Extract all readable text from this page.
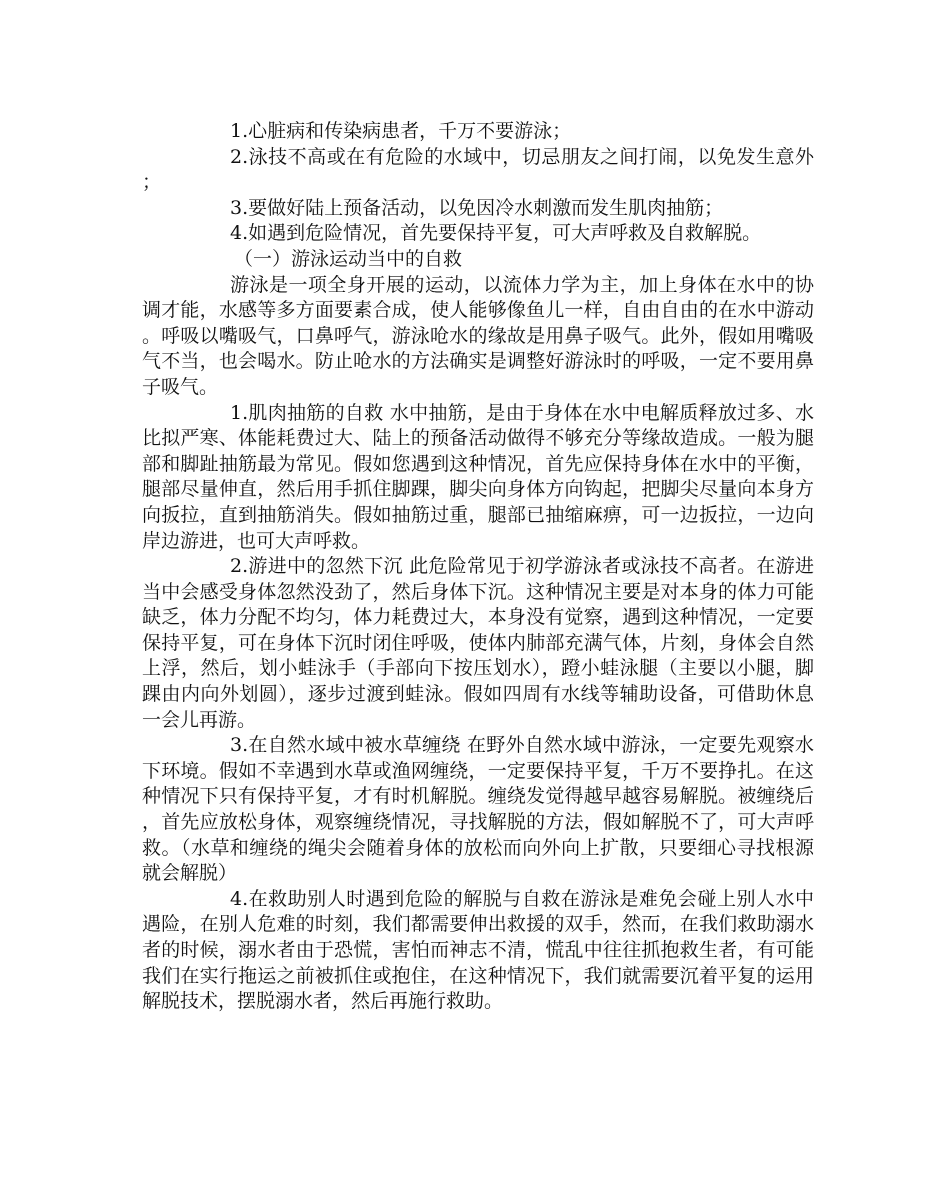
1.心脏病和传染病患者，千万不要游泳；

2.泳技不高或在有危险的水域中，切忌朋友之间打闹，以免发生意外；

3.要做好陆上预备活动，以免因冷水刺激而发生肌肉抽筋；

4.如遇到危险情况，首先要保持平复，可大声呼救及自救解脱。

（一）游泳运动当中的自救

游泳是一项全身开展的运动，以流体力学为主，加上身体在水中的协调才能，水感等多方面要素合成，使人能够像鱼儿一样，自由自由的在水中游动。呼吸以嘴吸气，口鼻呼气，游泳呛水的缘故是用鼻子吸气。此外，假如用嘴吸气不当，也会喝水。防止呛水的方法确实是调整好游泳时的呼吸，一定不要用鼻子吸气。

1.肌肉抽筋的自救 水中抽筋，是由于身体在水中电解质释放过多、水比拟严寒、体能耗费过大、陆上的预备活动做得不够充分等缘故造成。一般为腿部和脚趾抽筋最为常见。假如您遇到这种情况，首先应保持身体在水中的平衡，腿部尽量伸直，然后用手抓住脚踝，脚尖向身体方向钩起，把脚尖尽量向本身方向扳拉，直到抽筋消失。假如抽筋过重，腿部已抽缩麻痹，可一边扳拉，一边向岸边游进，也可大声呼救。

2.游进中的忽然下沉 此危险常见于初学游泳者或泳技不高者。在游进当中会感受身体忽然没劲了，然后身体下沉。这种情况主要是对本身的体力可能缺乏，体力分配不均匀，体力耗费过大，本身没有觉察，遇到这种情况，一定要保持平复，可在身体下沉时闭住呼吸，使体内肺部充满气体，片刻，身体会自然上浮，然后，划小蛙泳手（手部向下按压划水），蹬小蛙泳腿（主要以小腿，脚踝由内向外划圆），逐步过渡到蛙泳。假如四周有水线等辅助设备，可借助休息一会儿再游。

3.在自然水域中被水草缠绕 在野外自然水域中游泳，一定要先观察水下环境。假如不幸遇到水草或渔网缠绕，一定要保持平复，千万不要挣扎。在这种情况下只有保持平复，才有时机解脱。缠绕发觉得越早越容易解脱。被缠绕后，首先应放松身体，观察缠绕情况，寻找解脱的方法，假如解脱不了，可大声呼救。（水草和缠绕的绳尖会随着身体的放松而向外向上扩散，只要细心寻找根源就会解脱）

4.在救助别人时遇到危险的解脱与自救在游泳是难免会碰上别人水中遇险，在别人危难的时刻，我们都需要伸出救援的双手，然而，在我们救助溺水者的时候，溺水者由于恐慌，害怕而神志不清，慌乱中往往抓抱救生者，有可能我们在实行拖运之前被抓住或抱住，在这种情况下，我们就需要沉着平复的运用解脱技术，摆脱溺水者，然后再施行救助。
